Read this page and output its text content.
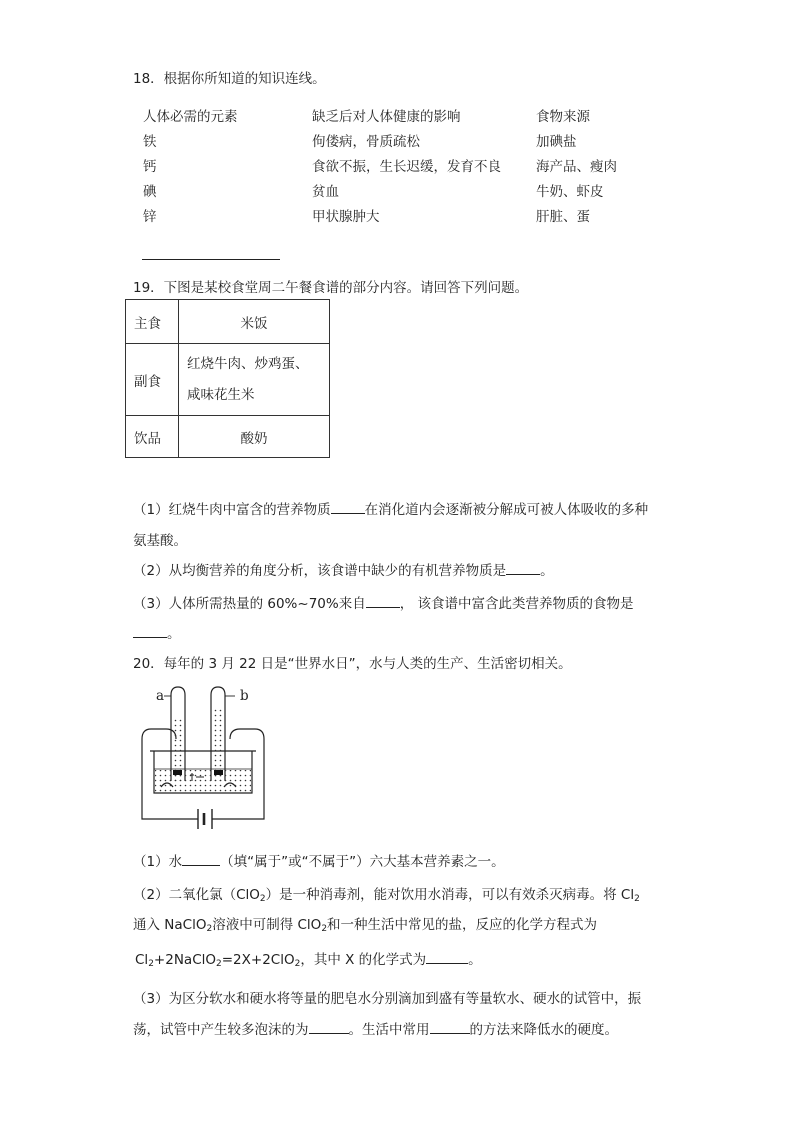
18．根据你所知道的知识连线。
人体必需的元素	缺乏后对人体健康的影响	食物来源
铁	佝偻病，骨质疏松	加碘盐
钙	食欲不振，生长迟缓，发育不良	海产品、瘦肉
碘	贫血	牛奶、虾皮
锌	甲状腺肿大	肝脏、蛋
19．下图是某校食堂周二午餐食谱的部分内容。请回答下列问题。
主食	米饭
副食	红烧牛肉、炒鸡蛋、
咸味花生米

饮品	酸奶
（1）红烧牛肉中富含的营养物质	在消化道内会逐渐被分解成可被人体吸收的多种
氨基酸。
（2）从均衡营养的角度分析，该食谱中缺少的有机营养物质是	。
（3）人体所需热量的 60%~70%来自	， 该食谱中富含此类营养物质的食物是
。
20．每年的 3 月 22 日是“世界水日”，水与人类的生产、生活密切相关。
a	b
（1）水	（填“属于”或“不属于”）六大基本营养素之一。
（2）二氧化氯（ClO$_2$）是一种消毒剂，能对饮用水消毒，可以有效杀灭病毒。将 $Cl_2$
通入 NaClO$_2$溶液中可制得 ClO$_2$和一种生活中常见的盐，反应的化学方程式为
$Cl_2+2NaClO_2=2X+2ClO_2$，其中 X 的化学式为	。
（3）为区分软水和硬水将等量的肥皂水分别滴加到盛有等量软水、硬水的试管中，振
荡，试管中产生较多泡沫的为	。生活中常用	的方法来降低水的硬度。
